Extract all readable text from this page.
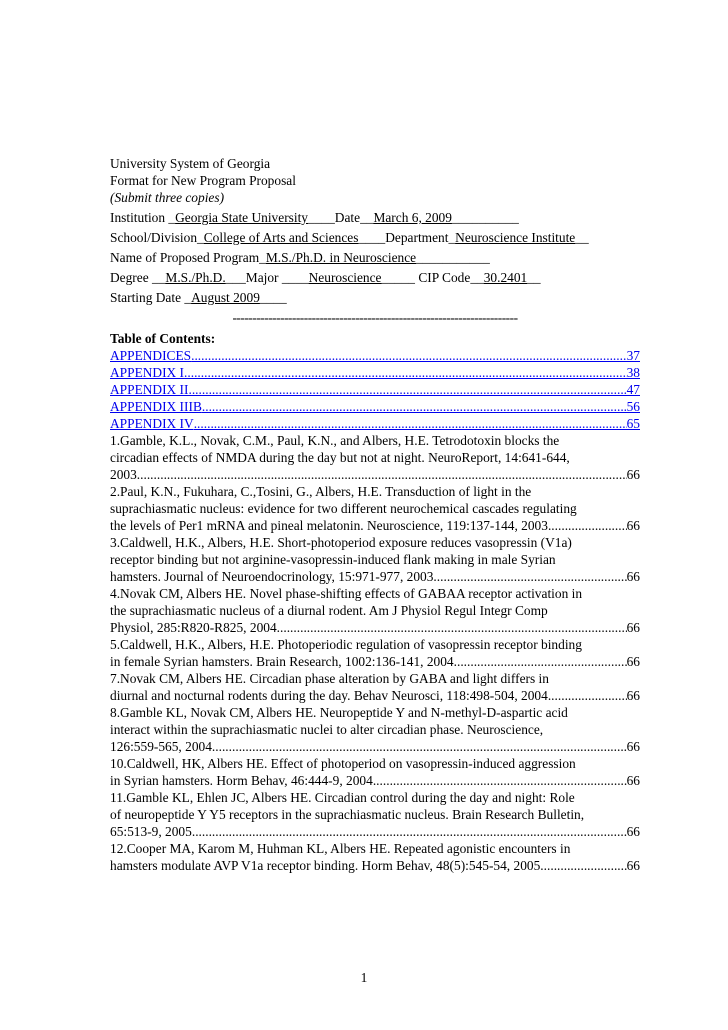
University System of Georgia
Format for New Program Proposal
(Submit three copies)
Institution _Georgia State University____Date__March 6, 2009__________
School/Division_College of Arts and Sciences____Department_Neuroscience Institute__
Name of Proposed Program_M.S./Ph.D. in Neuroscience___________
Degree __M.S./Ph.D.___Major ____Neuroscience_____ CIP Code__30.2401__
Starting Date _August 2009____
------------------------------------------------------------------------
Table of Contents:
APPENDICES .....	37
APPENDIX I .....	38
APPENDIX II .....	47
APPENDIX IIIB .....	56
APPENDIX IV .....	65
1.Gamble, K.L., Novak, C.M., Paul, K.N., and Albers, H.E. Tetrodotoxin blocks the
circadian effects of NMDA during the day but not at night. NeuroReport, 14:641-644,
2003 .....	66
2.Paul, K.N., Fukuhara, C.,Tosini, G., Albers, H.E. Transduction of light in the
suprachiasmatic nucleus: evidence for two different neurochemical cascades regulating
the levels of Per1 mRNA and pineal melatonin. Neuroscience, 119:137-144, 2003 .....	66
3.Caldwell, H.K., Albers, H.E. Short-photoperiod exposure reduces vasopressin (V1a)
receptor binding but not arginine-vasopressin-induced flank making in male Syrian
hamsters. Journal of Neuroendocrinology, 15:971-977, 2003 .....	66
4.Novak CM, Albers HE. Novel phase-shifting effects of GABAA receptor activation in
the suprachiasmatic nucleus of a diurnal rodent. Am J Physiol Regul Integr Comp
Physiol, 285:R820-R825, 2004. .....	66
5.Caldwell, H.K., Albers, H.E. Photoperiodic regulation of vasopressin receptor binding
in female Syrian hamsters. Brain Research, 1002:136-141, 2004 .....	66
7.Novak CM, Albers HE. Circadian phase alteration by GABA and light differs in
diurnal and nocturnal rodents during the day. Behav Neurosci, 118:498-504, 2004. .....	66
8.Gamble KL, Novak CM, Albers HE. Neuropeptide Y and N-methyl-D-aspartic acid
interact within the suprachiasmatic nuclei to alter circadian phase. Neuroscience,
126:559-565, 2004. .....	66
10.Caldwell, HK, Albers HE. Effect of photoperiod on vasopressin-induced aggression
in Syrian hamsters. Horm Behav, 46:444-9, 2004 .....	66
11.Gamble KL, Ehlen JC, Albers HE. Circadian control during the day and night: Role
of neuropeptide Y Y5 receptors in the suprachiasmatic nucleus. Brain Research Bulletin,
65:513-9, 2005. .....	66
12.Cooper MA, Karom M, Huhman KL, Albers HE. Repeated agonistic encounters in
hamsters modulate AVP V1a receptor binding. Horm Behav, 48(5):545-54, 2005 .....	66
1
